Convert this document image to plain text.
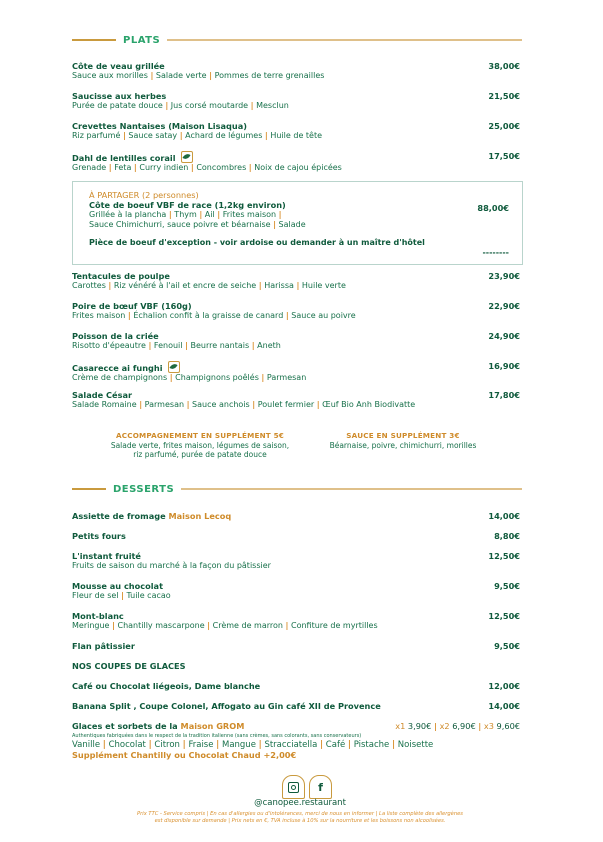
PLATS
Côte de veau grillée
Sauce aux morilles | Salade verte | Pommes de terre grenailles
38,00€
Saucisse aux herbes
Purée de patate douce | Jus corsé moutarde | Mesclun
21,50€
Crevettes Nantaises (Maison Lisaqua)
Riz parfumé | Sauce satay | Achard de légumes | Huile de tête
25,00€
Dahl de lentilles corail
Grenade | Feta | Curry indien | Concombres | Noix de cajou épicées
17,50€
À PARTAGER (2 personnes)
Côte de boeuf VBF de race (1,2kg environ)
Grillée à la plancha | Thym | Ail | Frites maison |
Sauce Chimichurri, sauce poivre et béarnaise | Salade
88,00€
Pièce de boeuf d'exception - voir ardoise ou demander à un maître d'hôtel
--------
Tentacules de poulpe
Carottes | Riz vénéré à l'ail et encre de seiche | Harissa | Huile verte
23,90€
Poire de bœuf VBF (160g)
Frites maison | Échalion confit à la graisse de canard | Sauce au poivre
22,90€
Poisson de la criée
Risotto d'épeautre | Fenouil | Beurre nantais | Aneth
24,90€
Casarecce ai funghi
Crème de champignons | Champignons poêlés | Parmesan
16,90€
Salade César
Salade Romaine | Parmesan | Sauce anchois | Poulet fermier | Œuf Bio Anh Biodivatte
17,80€
ACCOMPAGNEMENT EN SUPPLÉMENT 5€
Salade verte, frites maison, légumes de saison,
riz parfumé, purée de patate douce
SAUCE EN SUPPLÉMENT 3€
Béarnaise, poivre, chimichurri, morilles
DESSERTS
Assiette de fromage Maison Lecoq	14,00€
Petits fours	8,80€
L'instant fruité
Fruits de saison du marché à la façon du pâtissier
12,50€
Mousse au chocolat
Fleur de sel | Tuile cacao
9,50€
Mont-blanc
Meringue | Chantilly mascarpone | Crème de marron | Confiture de myrtilles
12,50€
Flan pâtissier	9,50€
NOS COUPES DE GLACES
Café ou Chocolat liégeois, Dame blanche	12,00€
Banana Split , Coupe Colonel, Affogato au Gin café XII de Provence	14,00€
Glaces et sorbets de la Maison GROM	x1 3,90€ | x2 6,90€ | x3 9,60€
Authentiques fabriquées dans le respect de la tradition italienne (sans crèmes, sans colorants, sans conservateurs)
Vanille | Chocolat | Citron | Fraise | Mangue | Stracciatella | Café | Pistache | Noisette
Supplément Chantilly ou Chocolat Chaud +2,00€
f
@canopee.restaurant
Prix TTC - Service compris | En cas d'allergies ou d'intolérances, merci de nous en informer | La liste complète des allergènes
est disponible sur demande | Prix nets en €, TVA incluse à 10% sur la nourriture et les boissons non alcoolisées.
